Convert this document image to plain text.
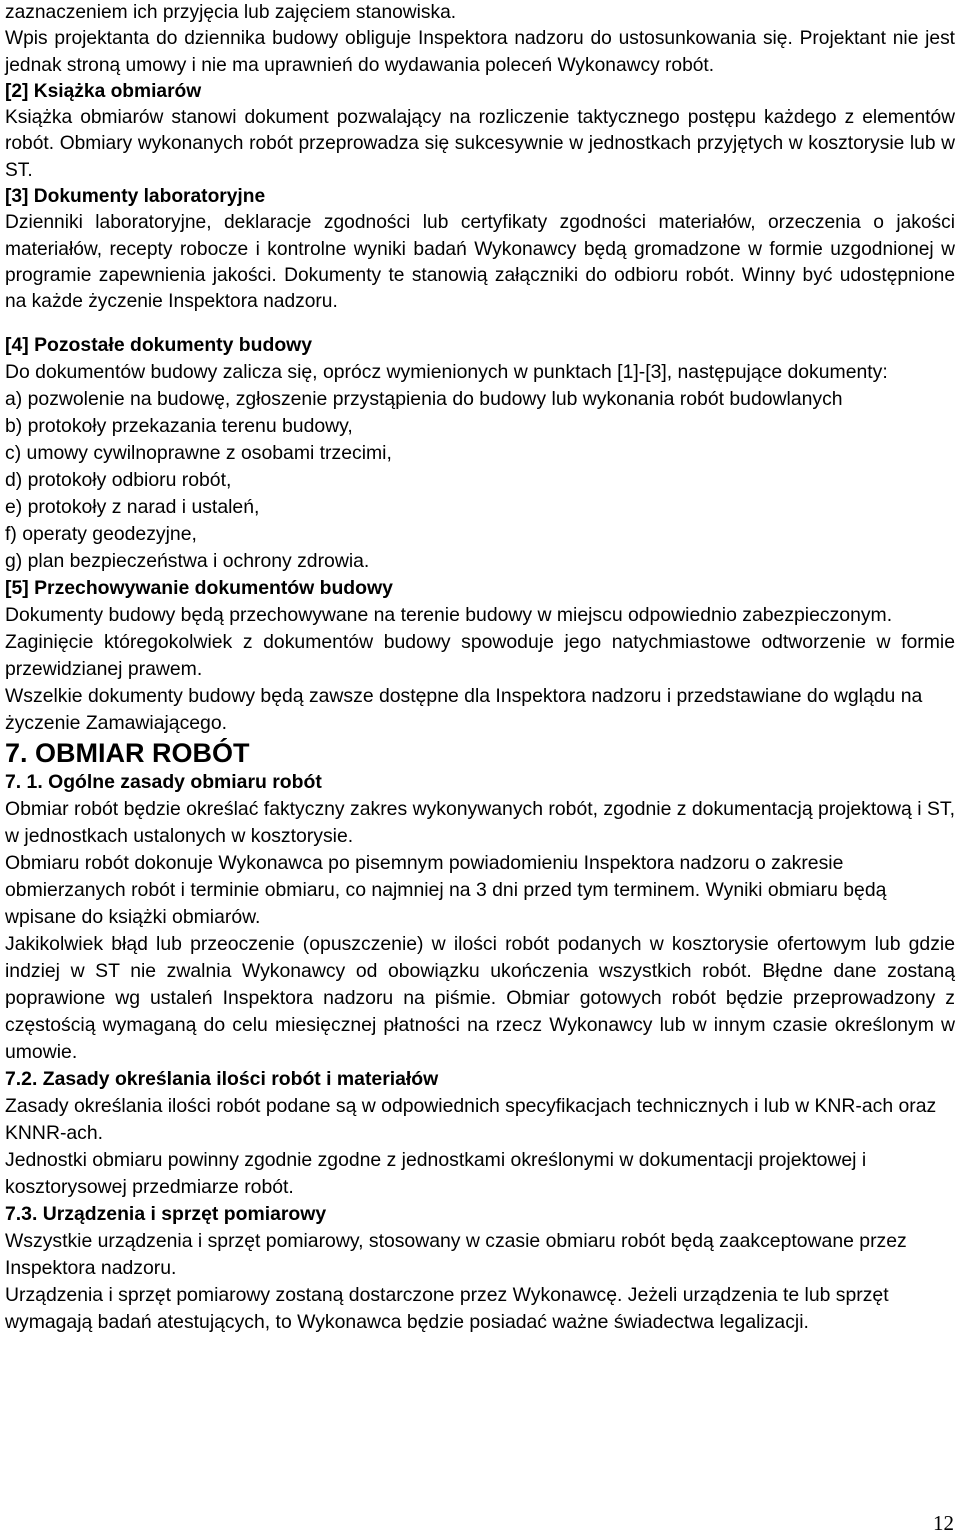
zaznaczeniem ich przyjęcia lub zajęciem stanowiska.

Wpis projektanta do dziennika budowy obliguje Inspektora nadzoru do ustosunkowania się. Projektant nie jest jednak stroną umowy i nie ma uprawnień do wydawania poleceń Wykonawcy robót.

[2] Książka obmiarów

Książka obmiarów stanowi dokument pozwalający na rozliczenie taktycznego postępu każdego z elementów robót. Obmiary wykonanych robót przeprowadza się sukcesywnie w jednostkach przyjętych w kosztorysie lub w ST.

[3] Dokumenty laboratoryjne

Dzienniki laboratoryjne, deklaracje zgodności lub certyfikaty zgodności materiałów, orzeczenia o jakości materiałów, recepty robocze i kontrolne wyniki badań Wykonawcy będą gromadzone w formie uzgodnionej w programie zapewnienia jakości. Dokumenty te stanowią załączniki do odbioru robót. Winny być udostępnione na każde życzenie Inspektora nadzoru.

[4] Pozostałe dokumenty budowy

Do dokumentów budowy zalicza się, oprócz wymienionych w punktach [1]-[3], następujące dokumenty:

a) pozwolenie na budowę, zgłoszenie przystąpienia do budowy lub wykonania robót budowlanych

b) protokoły przekazania terenu budowy,

c) umowy cywilnoprawne z osobami trzecimi,

d) protokoły odbioru robót,

e) protokoły z narad i ustaleń,

f) operaty geodezyjne,

g) plan bezpieczeństwa i ochrony zdrowia.

[5] Przechowywanie dokumentów budowy

Dokumenty budowy będą przechowywane na terenie budowy w miejscu odpowiednio zabezpieczonym.

Zaginięcie któregokolwiek z dokumentów budowy spowoduje jego natychmiastowe odtworzenie w formie przewidzianej prawem.

Wszelkie dokumenty budowy będą zawsze dostępne dla Inspektora nadzoru i przedstawiane do wglądu na życzenie Zamawiającego.

7. OBMIAR ROBÓT

7. 1. Ogólne zasady obmiaru robót

Obmiar robót będzie określać faktyczny zakres wykonywanych robót, zgodnie z dokumentacją projektową i ST, w jednostkach ustalonych w kosztorysie.

Obmiaru robót dokonuje Wykonawca po pisemnym powiadomieniu Inspektora nadzoru o zakresie obmierzanych robót i terminie obmiaru, co najmniej na 3 dni przed tym terminem. Wyniki obmiaru będą wpisane do książki obmiarów.

Jakikolwiek błąd lub przeoczenie (opuszczenie) w ilości robót podanych w kosztorysie ofertowym lub gdzie indziej w ST nie zwalnia Wykonawcy od obowiązku ukończenia wszystkich robót. Błędne dane zostaną poprawione wg ustaleń Inspektora nadzoru na piśmie. Obmiar gotowych robót będzie przeprowadzony z częstością wymaganą do celu miesięcznej płatności na rzecz Wykonawcy lub w innym czasie określonym w umowie.

7.2. Zasady określania ilości robót i materiałów

Zasady określania ilości robót podane są w odpowiednich specyfikacjach technicznych i lub w KNR-ach oraz KNNR-ach.

Jednostki obmiaru powinny zgodnie zgodne z jednostkami określonymi w dokumentacji projektowej i kosztorysowej przedmiarze robót.

7.3. Urządzenia i sprzęt pomiarowy

Wszystkie urządzenia i sprzęt pomiarowy, stosowany w czasie obmiaru robót będą zaakceptowane przez Inspektora nadzoru.

Urządzenia i sprzęt pomiarowy zostaną dostarczone przez Wykonawcę. Jeżeli urządzenia te lub sprzęt wymagają badań atestujących, to Wykonawca będzie posiadać ważne świadectwa legalizacji.

12
